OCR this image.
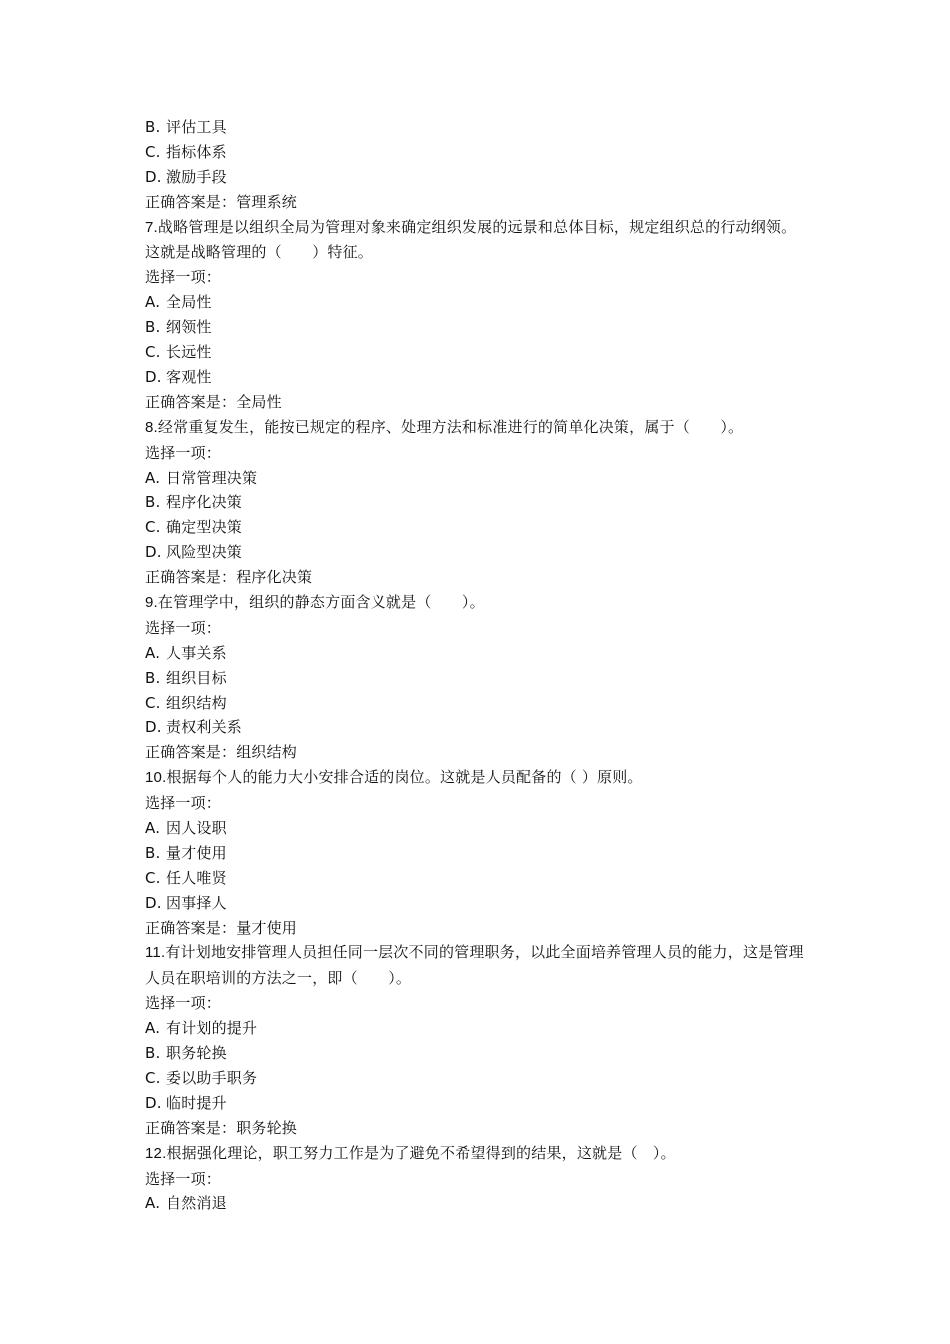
B. 评估工具
C. 指标体系
D. 激励手段
正确答案是：管理系统
7.战略管理是以组织全局为管理对象来确定组织发展的远景和总体目标，规定组织总的行动纲领。这就是战略管理的（　　）特征。
选择一项：
A. 全局性
B. 纲领性
C. 长远性
D. 客观性
正确答案是：全局性
8.经常重复发生，能按已规定的程序、处理方法和标准进行的简单化决策，属于（　　）。
选择一项：
A. 日常管理决策
B. 程序化决策
C. 确定型决策
D. 风险型决策
正确答案是：程序化决策
9.在管理学中，组织的静态方面含义就是（　　）。
选择一项：
A. 人事关系
B. 组织目标
C. 组织结构
D. 责权利关系
正确答案是：组织结构
10.根据每个人的能力大小安排合适的岗位。这就是人员配备的（ ）原则。
选择一项：
A. 因人设职
B. 量才使用
C. 任人唯贤
D. 因事择人
正确答案是：量才使用
11.有计划地安排管理人员担任同一层次不同的管理职务，以此全面培养管理人员的能力，这是管理人员在职培训的方法之一，即（　　）。
选择一项：
A. 有计划的提升
B. 职务轮换
C. 委以助手职务
D. 临时提升
正确答案是：职务轮换
12.根据强化理论，职工努力工作是为了避免不希望得到的结果，这就是（　）。
选择一项：
A. 自然消退
